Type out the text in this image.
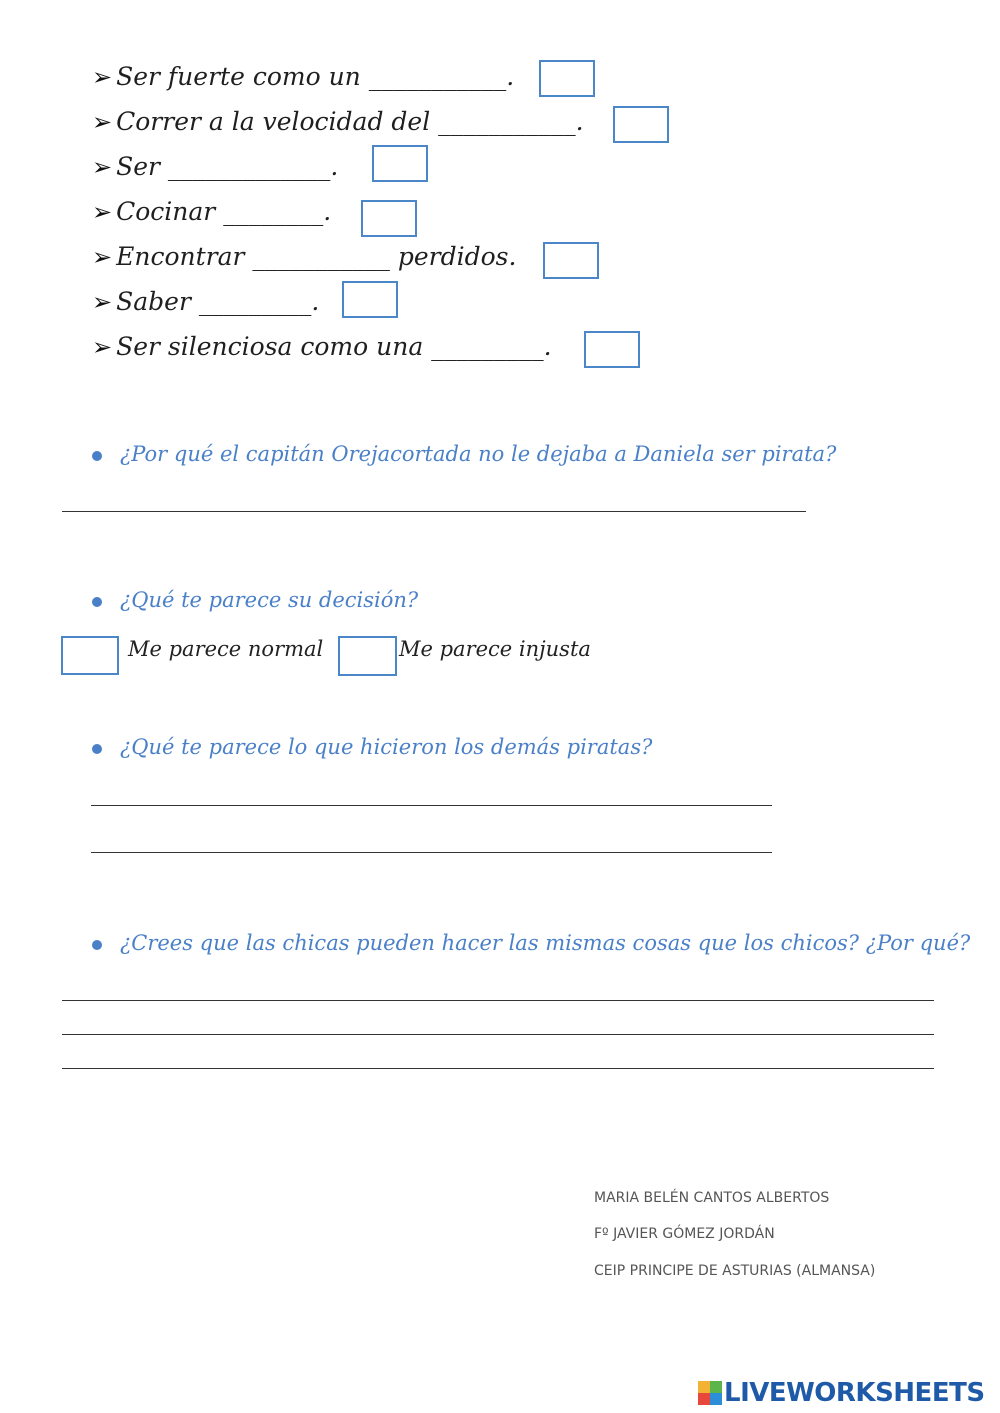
➢ Ser fuerte como un ___________.
➢ Correr a la velocidad del ___________.
➢ Ser _____________.
➢ Cocinar ________.
➢ Encontrar ___________ perdidos.
➢ Saber _________.
➢ Ser silenciosa como una _________.
¿Por qué el capitán Orejacortada no le dejaba a Daniela ser pirata?
¿Qué te parece su decisión?
Me parece normal	Me parece injusta
¿Qué te parece lo que hicieron los demás piratas?
¿Crees que las chicas pueden hacer las mismas cosas que los chicos? ¿Por qué?
MARIA BELÉN CANTOS ALBERTOS
Fº JAVIER GÓMEZ JORDÁN
CEIP PRINCIPE DE ASTURIAS (ALMANSA)
LIVEWORKSHEETS
